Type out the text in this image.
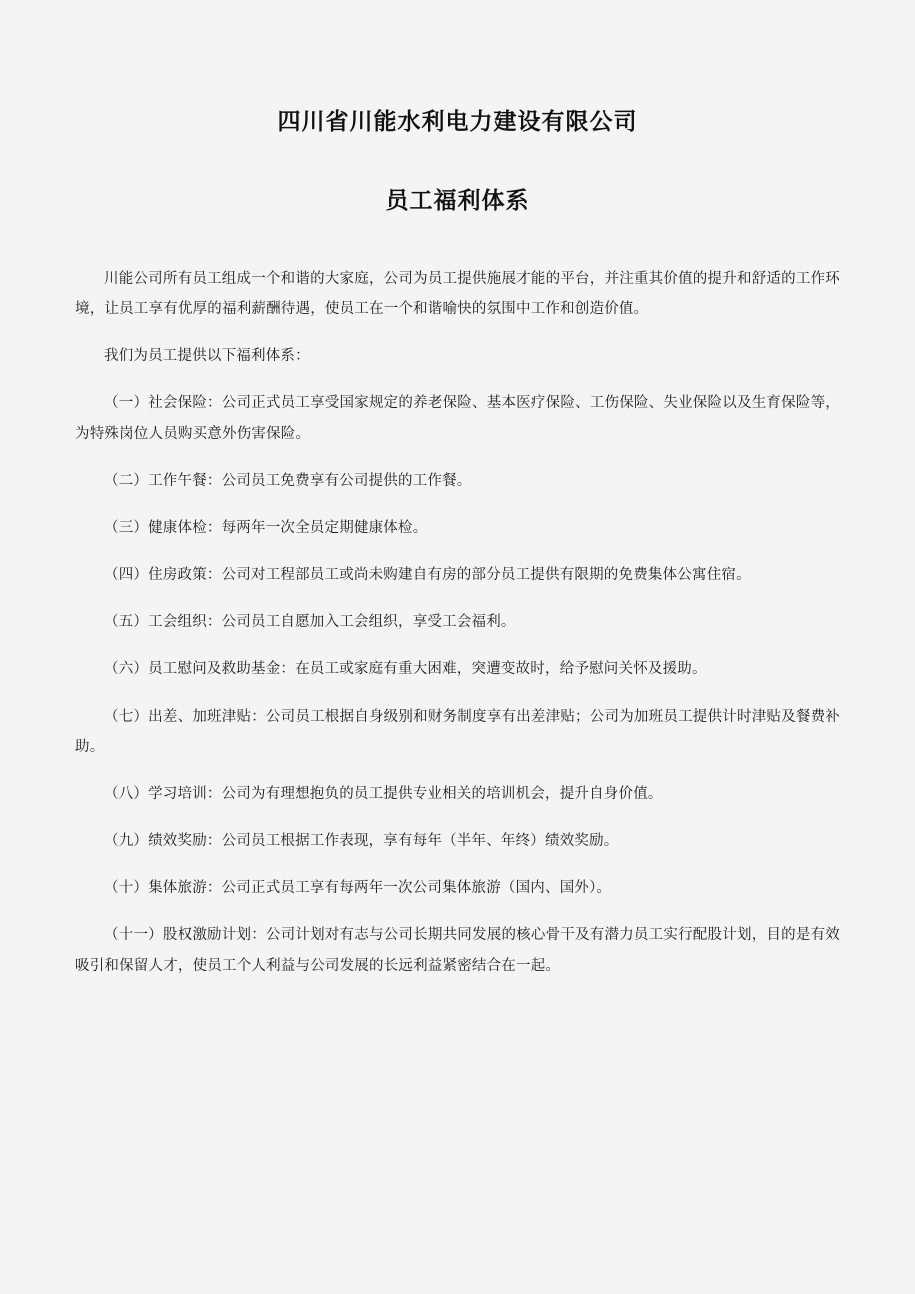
四川省川能水利电力建设有限公司
员工福利体系

川能公司所有员工组成一个和谐的大家庭，公司为员工提供施展才能的平台，并注重其价值的提升和舒适的工作环境，让员工享有优厚的福利薪酬待遇，使员工在一个和谐喻快的氛围中工作和创造价值。

我们为员工提供以下福利体系：

（一）社会保险：公司正式员工享受国家规定的养老保险、基本医疗保险、工伤保险、失业保险以及生育保险等，为特殊岗位人员购买意外伤害保险。

（二）工作午餐：公司员工免费享有公司提供的工作餐。

（三）健康体检：每两年一次全员定期健康体检。

（四）住房政策：公司对工程部员工或尚未购建自有房的部分员工提供有限期的免费集体公寓住宿。

（五）工会组织：公司员工自愿加入工会组织，享受工会福利。

（六）员工慰问及救助基金：在员工或家庭有重大困难，突遭变故时，给予慰问关怀及援助。

（七）出差、加班津贴：公司员工根据自身级别和财务制度享有出差津贴；公司为加班员工提供计时津贴及餐费补助。

（八）学习培训：公司为有理想抱负的员工提供专业相关的培训机会，提升自身价值。

（九）绩效奖励：公司员工根据工作表现，享有每年（半年、年终）绩效奖励。

（十）集体旅游：公司正式员工享有每两年一次公司集体旅游（国内、国外）。

（十一）股权激励计划：公司计划对有志与公司长期共同发展的核心骨干及有潜力员工实行配股计划，目的是有效吸引和保留人才，使员工个人利益与公司发展的长远利益紧密结合在一起。
